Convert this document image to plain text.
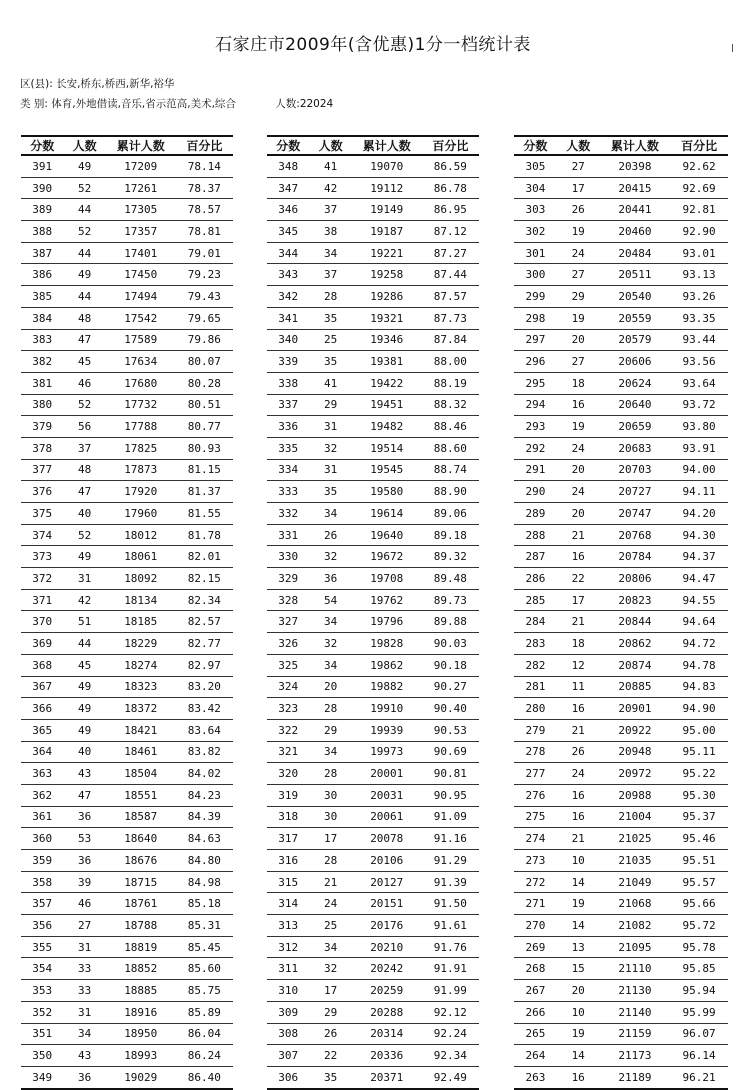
石家庄市2009年(含优惠)1分一档统计表
区(县): 长安,桥东,桥西,新华,裕华
类 别: 体育,外地借读,音乐,省示范高,美术,综合	人数:22024
分数	人数	累计人数	百分比
391	49	17209	78.14
390	52	17261	78.37
389	44	17305	78.57
388	52	17357	78.81
387	44	17401	79.01
386	49	17450	79.23
385	44	17494	79.43
384	48	17542	79.65
383	47	17589	79.86
382	45	17634	80.07
381	46	17680	80.28
380	52	17732	80.51
379	56	17788	80.77
378	37	17825	80.93
377	48	17873	81.15
376	47	17920	81.37
375	40	17960	81.55
374	52	18012	81.78
373	49	18061	82.01
372	31	18092	82.15
371	42	18134	82.34
370	51	18185	82.57
369	44	18229	82.77
368	45	18274	82.97
367	49	18323	83.20
366	49	18372	83.42
365	49	18421	83.64
364	40	18461	83.82
363	43	18504	84.02
362	47	18551	84.23
361	36	18587	84.39
360	53	18640	84.63
359	36	18676	84.80
358	39	18715	84.98
357	46	18761	85.18
356	27	18788	85.31
355	31	18819	85.45
354	33	18852	85.60
353	33	18885	85.75
352	31	18916	85.89
351	34	18950	86.04
350	43	18993	86.24
349	36	19029	86.40
分数	人数	累计人数	百分比
348	41	19070	86.59
347	42	19112	86.78
346	37	19149	86.95
345	38	19187	87.12
344	34	19221	87.27
343	37	19258	87.44
342	28	19286	87.57
341	35	19321	87.73
340	25	19346	87.84
339	35	19381	88.00
338	41	19422	88.19
337	29	19451	88.32
336	31	19482	88.46
335	32	19514	88.60
334	31	19545	88.74
333	35	19580	88.90
332	34	19614	89.06
331	26	19640	89.18
330	32	19672	89.32
329	36	19708	89.48
328	54	19762	89.73
327	34	19796	89.88
326	32	19828	90.03
325	34	19862	90.18
324	20	19882	90.27
323	28	19910	90.40
322	29	19939	90.53
321	34	19973	90.69
320	28	20001	90.81
319	30	20031	90.95
318	30	20061	91.09
317	17	20078	91.16
316	28	20106	91.29
315	21	20127	91.39
314	24	20151	91.50
313	25	20176	91.61
312	34	20210	91.76
311	32	20242	91.91
310	17	20259	91.99
309	29	20288	92.12
308	26	20314	92.24
307	22	20336	92.34
306	35	20371	92.49
分数	人数	累计人数	百分比
305	27	20398	92.62
304	17	20415	92.69
303	26	20441	92.81
302	19	20460	92.90
301	24	20484	93.01
300	27	20511	93.13
299	29	20540	93.26
298	19	20559	93.35
297	20	20579	93.44
296	27	20606	93.56
295	18	20624	93.64
294	16	20640	93.72
293	19	20659	93.80
292	24	20683	93.91
291	20	20703	94.00
290	24	20727	94.11
289	20	20747	94.20
288	21	20768	94.30
287	16	20784	94.37
286	22	20806	94.47
285	17	20823	94.55
284	21	20844	94.64
283	18	20862	94.72
282	12	20874	94.78
281	11	20885	94.83
280	16	20901	94.90
279	21	20922	95.00
278	26	20948	95.11
277	24	20972	95.22
276	16	20988	95.30
275	16	21004	95.37
274	21	21025	95.46
273	10	21035	95.51
272	14	21049	95.57
271	19	21068	95.66
270	14	21082	95.72
269	13	21095	95.78
268	15	21110	95.85
267	20	21130	95.94
266	10	21140	95.99
265	19	21159	96.07
264	14	21173	96.14
263	16	21189	96.21
